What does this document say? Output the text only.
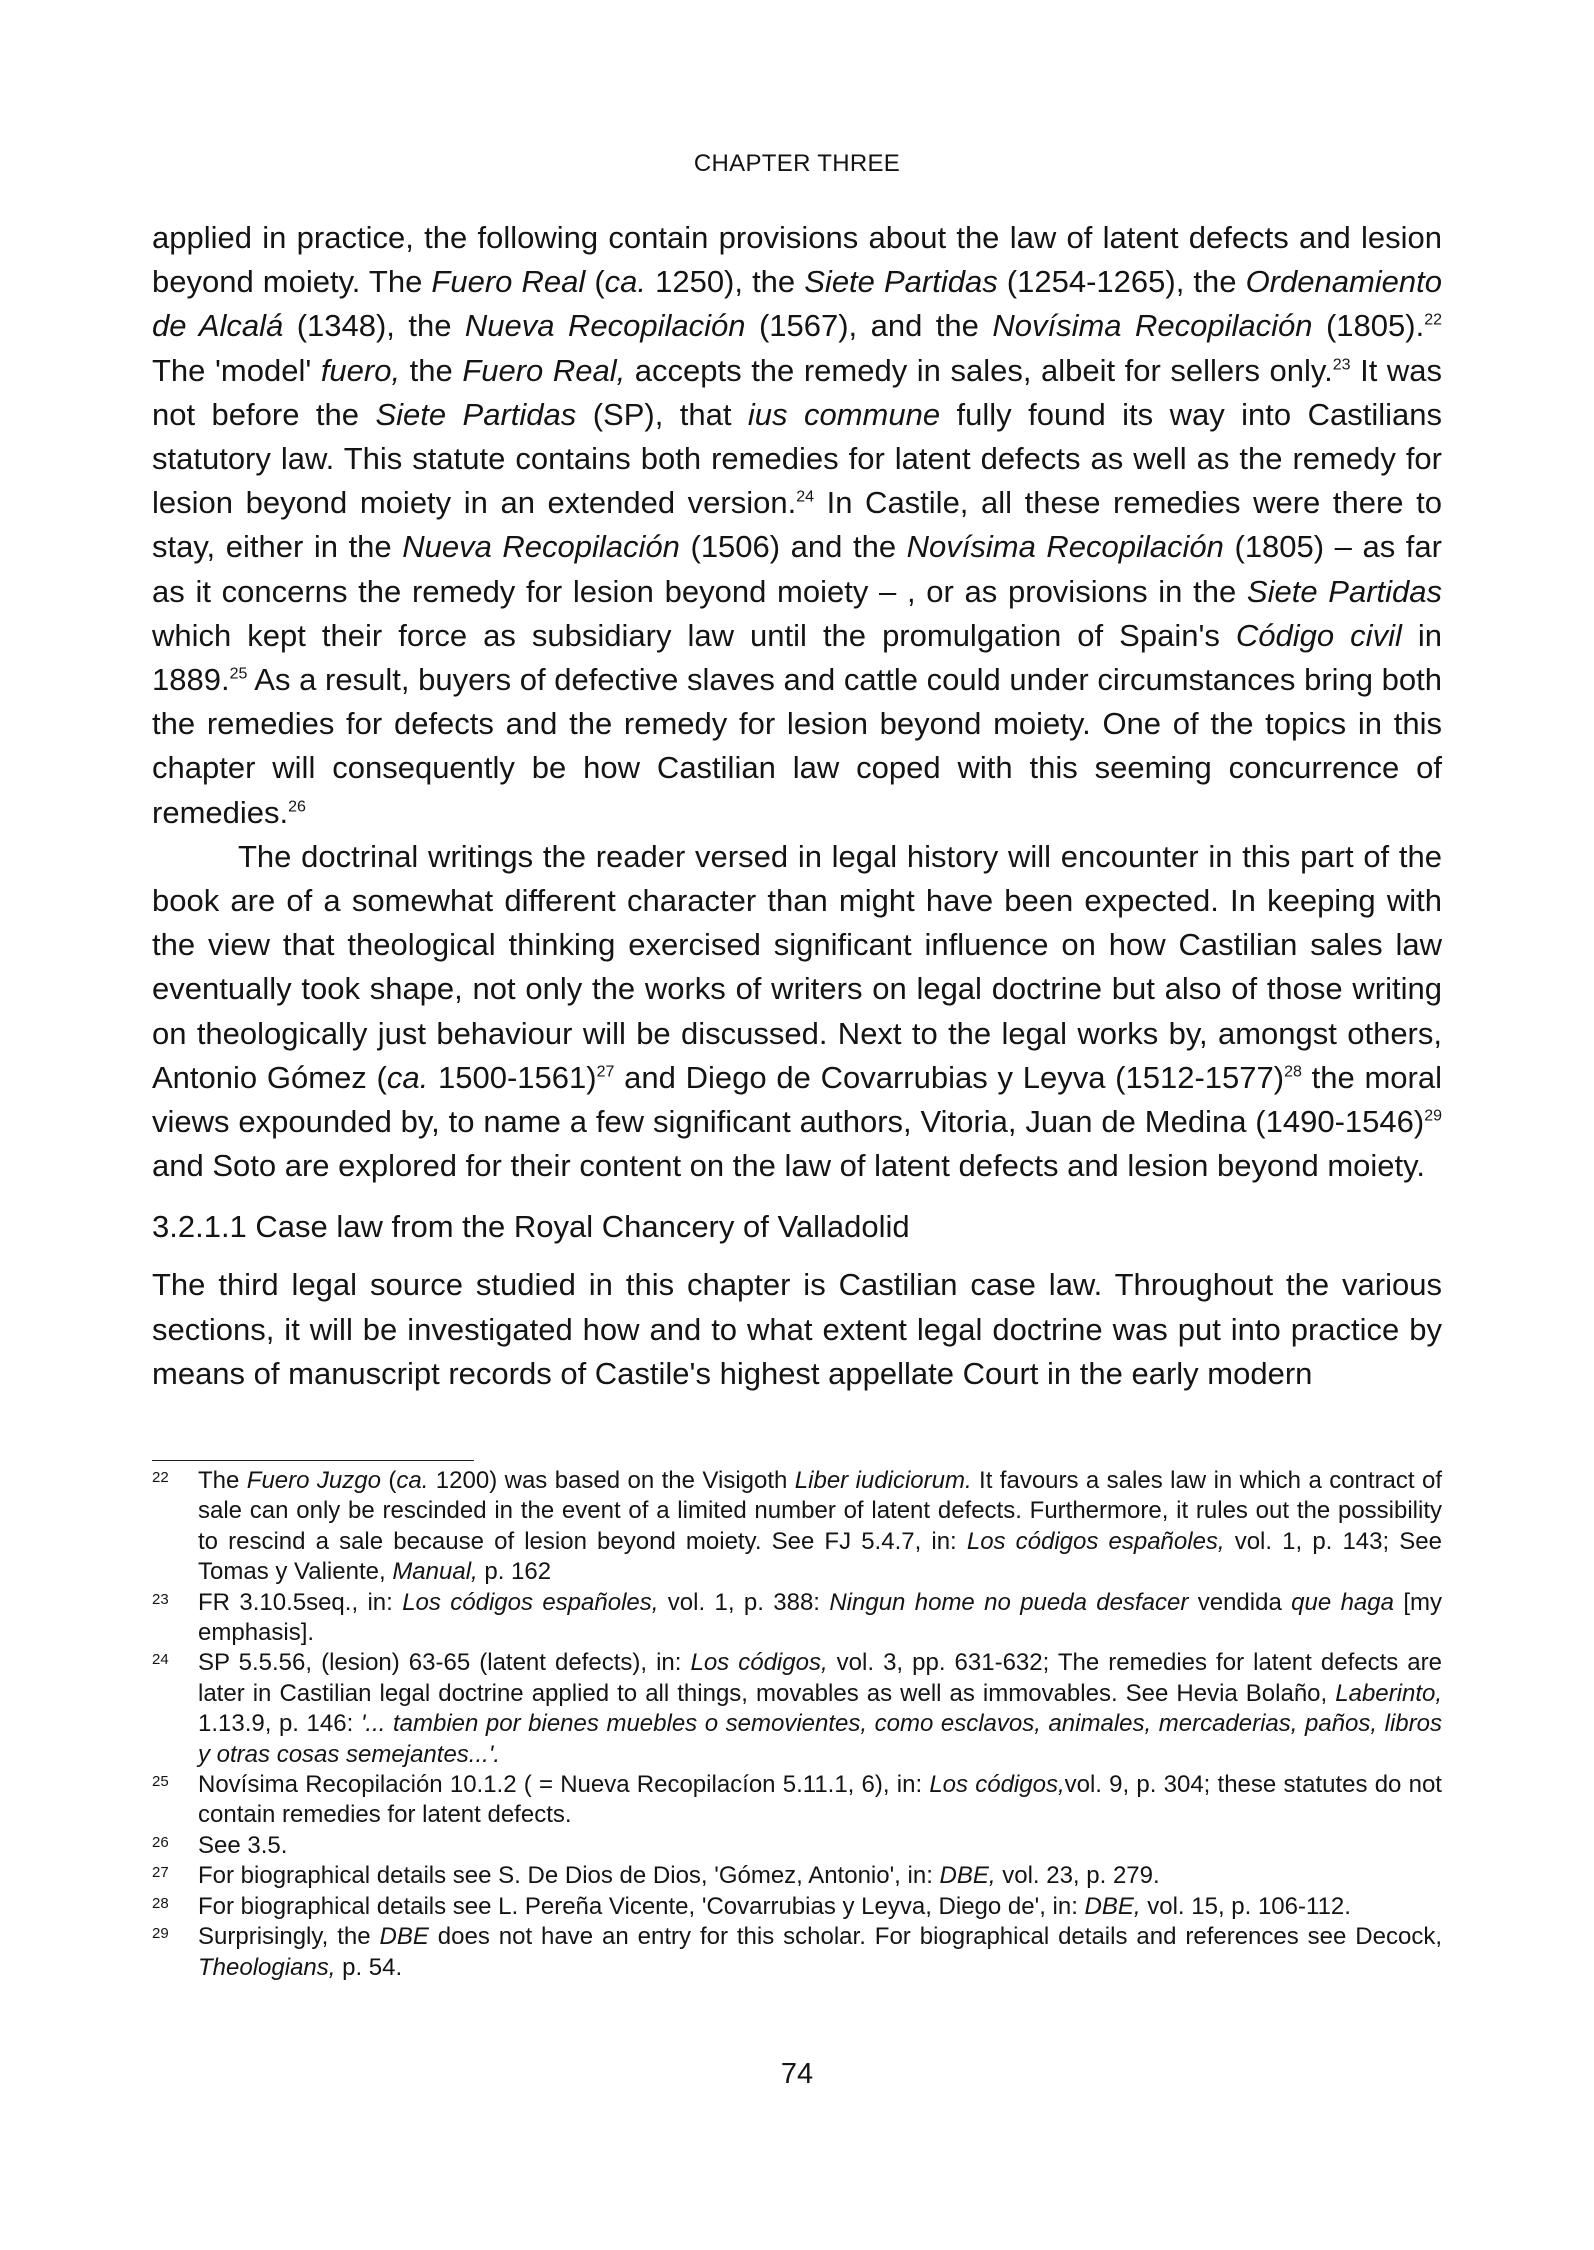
CHAPTER THREE

applied in practice, the following contain provisions about the law of latent defects and lesion beyond moiety. The Fuero Real (ca. 1250), the Siete Partidas (1254-1265), the Ordenamiento de Alcalá (1348), the Nueva Recopilación (1567), and the Novísima Recopilación (1805).$^{22}$ The 'model' fuero, the Fuero Real, accepts the remedy in sales, albeit for sellers only.$^{23}$ It was not before the Siete Partidas (SP), that ius commune fully found its way into Castilians statutory law. This statute contains both remedies for latent defects as well as the remedy for lesion beyond moiety in an extended version.$^{24}$ In Castile, all these remedies were there to stay, either in the Nueva Recopilación (1506) and the Novísima Recopilación (1805) – as far as it concerns the remedy for lesion beyond moiety – , or as provisions in the Siete Partidas which kept their force as subsidiary law until the promulgation of Spain's Código civil in 1889.25 As a result, buyers of defective slaves and cattle could under circumstances bring both the remedies for defects and the remedy for lesion beyond moiety. One of the topics in this chapter will consequently be how Castilian law coped with this seeming concurrence of remedies.$^{26}$

The doctrinal writings the reader versed in legal history will encounter in this part of the book are of a somewhat different character than might have been expected. In keeping with the view that theological thinking exercised significant influence on how Castilian sales law eventually took shape, not only the works of writers on legal doctrine but also of those writing on theologically just behaviour will be discussed. Next to the legal works by, amongst others, Antonio Gómez (ca. 1500-1561)$^{27}$ and Diego de Covarrubias y Leyva (1512-1577)$^{28}$ the moral views expounded by, to name a few significant authors, Vitoria, Juan de Medina (1490-1546)$^{29}$ and Soto are explored for their content on the law of latent defects and lesion beyond moiety.

3.2.1.1 Case law from the Royal Chancery of Valladolid

The third legal source studied in this chapter is Castilian case law. Throughout the various sections, it will be investigated how and to what extent legal doctrine was put into practice by means of manuscript records of Castile's highest appellate Court in the early modern

22 The Fuero Juzgo (ca. 1200) was based on the Visigoth Liber iudiciorum. It favours a sales law in which a contract of sale can only be rescinded in the event of a limited number of latent defects. Furthermore, it rules out the possibility to rescind a sale because of lesion beyond moiety. See FJ 5.4.7, in: Los códigos españoles, vol. 1, p. 143; See Tomas y Valiente, Manual, p. 162
23 FR 3.10.5seq., in: Los códigos españoles, vol. 1, p. 388: Ningun home no pueda desfacer vendida que haga [my emphasis].
24 SP 5.5.56, (lesion) 63-65 (latent defects), in: Los códigos, vol. 3, pp. 631-632; The remedies for latent defects are later in Castilian legal doctrine applied to all things, movables as well as immovables. See Hevia Bolaño, Laberinto, 1.13.9, p. 146: '... tambien por bienes muebles o semovientes, como esclavos, animales, mercaderias, paños, libros y otras cosas semejantes...'.
25 Novísima Recopilación 10.1.2 ( = Nueva Recopilacíon 5.11.1, 6), in: Los códigos,vol. 9, p. 304; these statutes do not contain remedies for latent defects.
26 See 3.5.
27 For biographical details see S. De Dios de Dios, 'Gómez, Antonio', in: DBE, vol. 23, p. 279.
28 For biographical details see L. Pereña Vicente, 'Covarrubias y Leyva, Diego de', in: DBE, vol. 15, p. 106-112.
29 Surprisingly, the DBE does not have an entry for this scholar. For biographical details and references see Decock, Theologians, p. 54.
74
